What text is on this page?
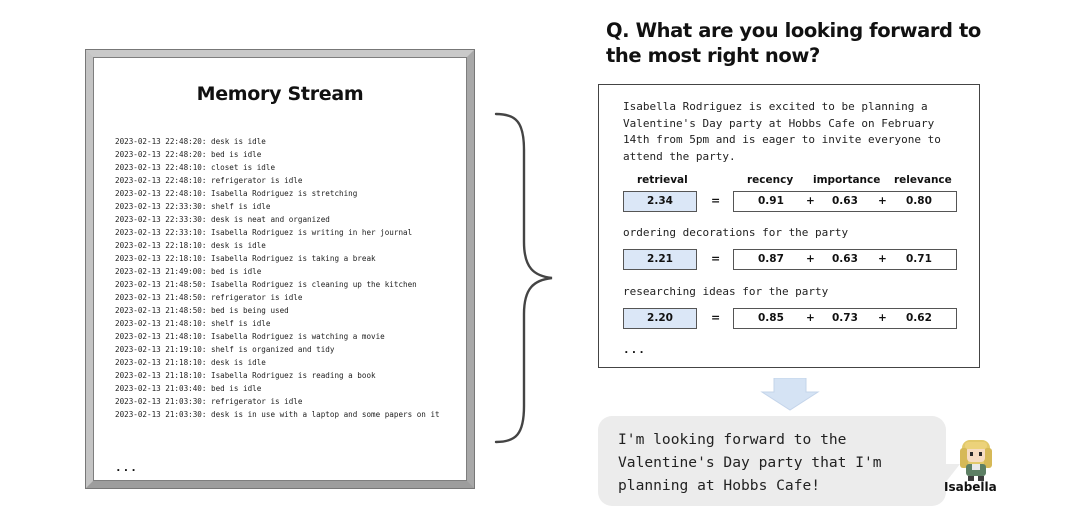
Memory Stream
2023-02-13 22:48:20: desk is idle
2023-02-13 22:48:20: bed is idle
2023-02-13 22:48:10: closet is idle
2023-02-13 22:48:10: refrigerator is idle
2023-02-13 22:48:10: Isabella Rodriguez is stretching
2023-02-13 22:33:30: shelf is idle
2023-02-13 22:33:30: desk is neat and organized
2023-02-13 22:33:10: Isabella Rodriguez is writing in her journal
2023-02-13 22:18:10: desk is idle
2023-02-13 22:18:10: Isabella Rodriguez is taking a break
2023-02-13 21:49:00: bed is idle
2023-02-13 21:48:50: Isabella Rodriguez is cleaning up the kitchen
2023-02-13 21:48:50: refrigerator is idle
2023-02-13 21:48:50: bed is being used
2023-02-13 21:48:10: shelf is idle
2023-02-13 21:48:10: Isabella Rodriguez is watching a movie
2023-02-13 21:19:10: shelf is organized and tidy
2023-02-13 21:18:10: desk is idle
2023-02-13 21:18:10: Isabella Rodriguez is reading a book
2023-02-13 21:03:40: bed is idle
2023-02-13 21:03:30: refrigerator is idle
2023-02-13 21:03:30: desk is in use with a laptop and some papers on it
...
Q. What are you looking forward to the most right now?
Isabella Rodriguez is excited to be planning a Valentine's Day party at Hobbs Cafe on February 14th from 5pm and is eager to invite everyone to attend the party.
retrieval	recency importance relevance
2.34	=	0.91 + 0.63 + 0.80
ordering decorations for the party
2.21	=	0.87 + 0.63 + 0.71
researching ideas for the party
2.20	=	0.85 + 0.73 + 0.62
...

I'm looking forward to the Valentine's Day party that I'm planning at Hobbs Cafe!	Isabella
